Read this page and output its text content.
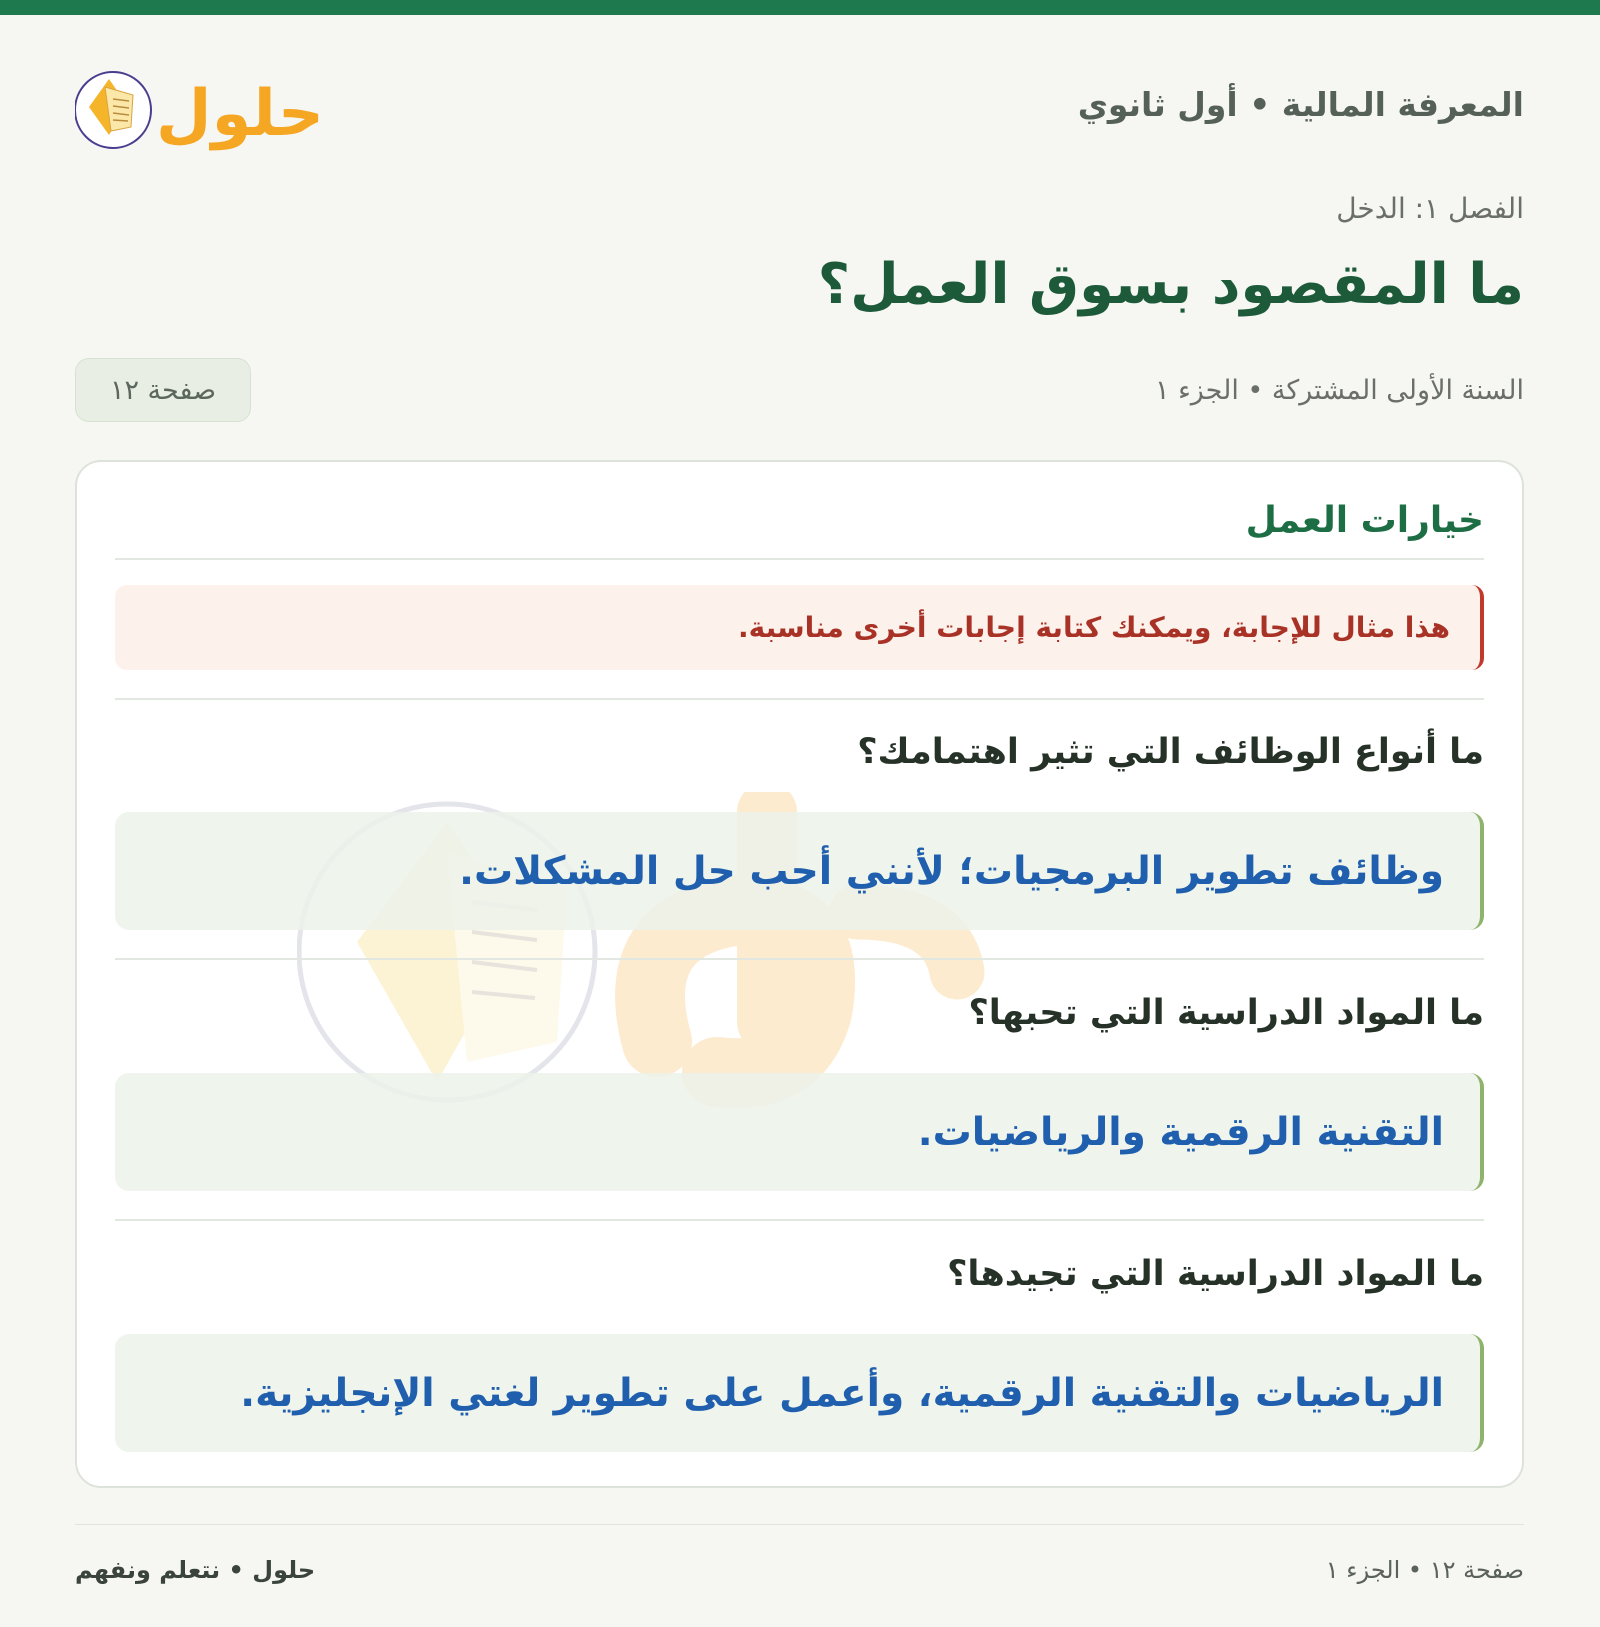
المعرفة المالية • أول ثانوي
حلول

الفصل ١: الدخل

ما المقصود بسوق العمل؟

السنة الأولى المشتركة • الجزء ١

صفحة ١٢
خيارات العمل
هذا مثال للإجابة، ويمكنك كتابة إجابات أخرى مناسبة.
ما أنواع الوظائف التي تثير اهتمامك؟
وظائف تطوير البرمجيات؛ لأنني أحب حل المشكلات.
ما المواد الدراسية التي تحبها؟
التقنية الرقمية والرياضيات.
ما المواد الدراسية التي تجيدها؟
الرياضيات والتقنية الرقمية، وأعمل على تطوير لغتي الإنجليزية.

صفحة ١٢ • الجزء ١

حلول • نتعلم ونفهم
